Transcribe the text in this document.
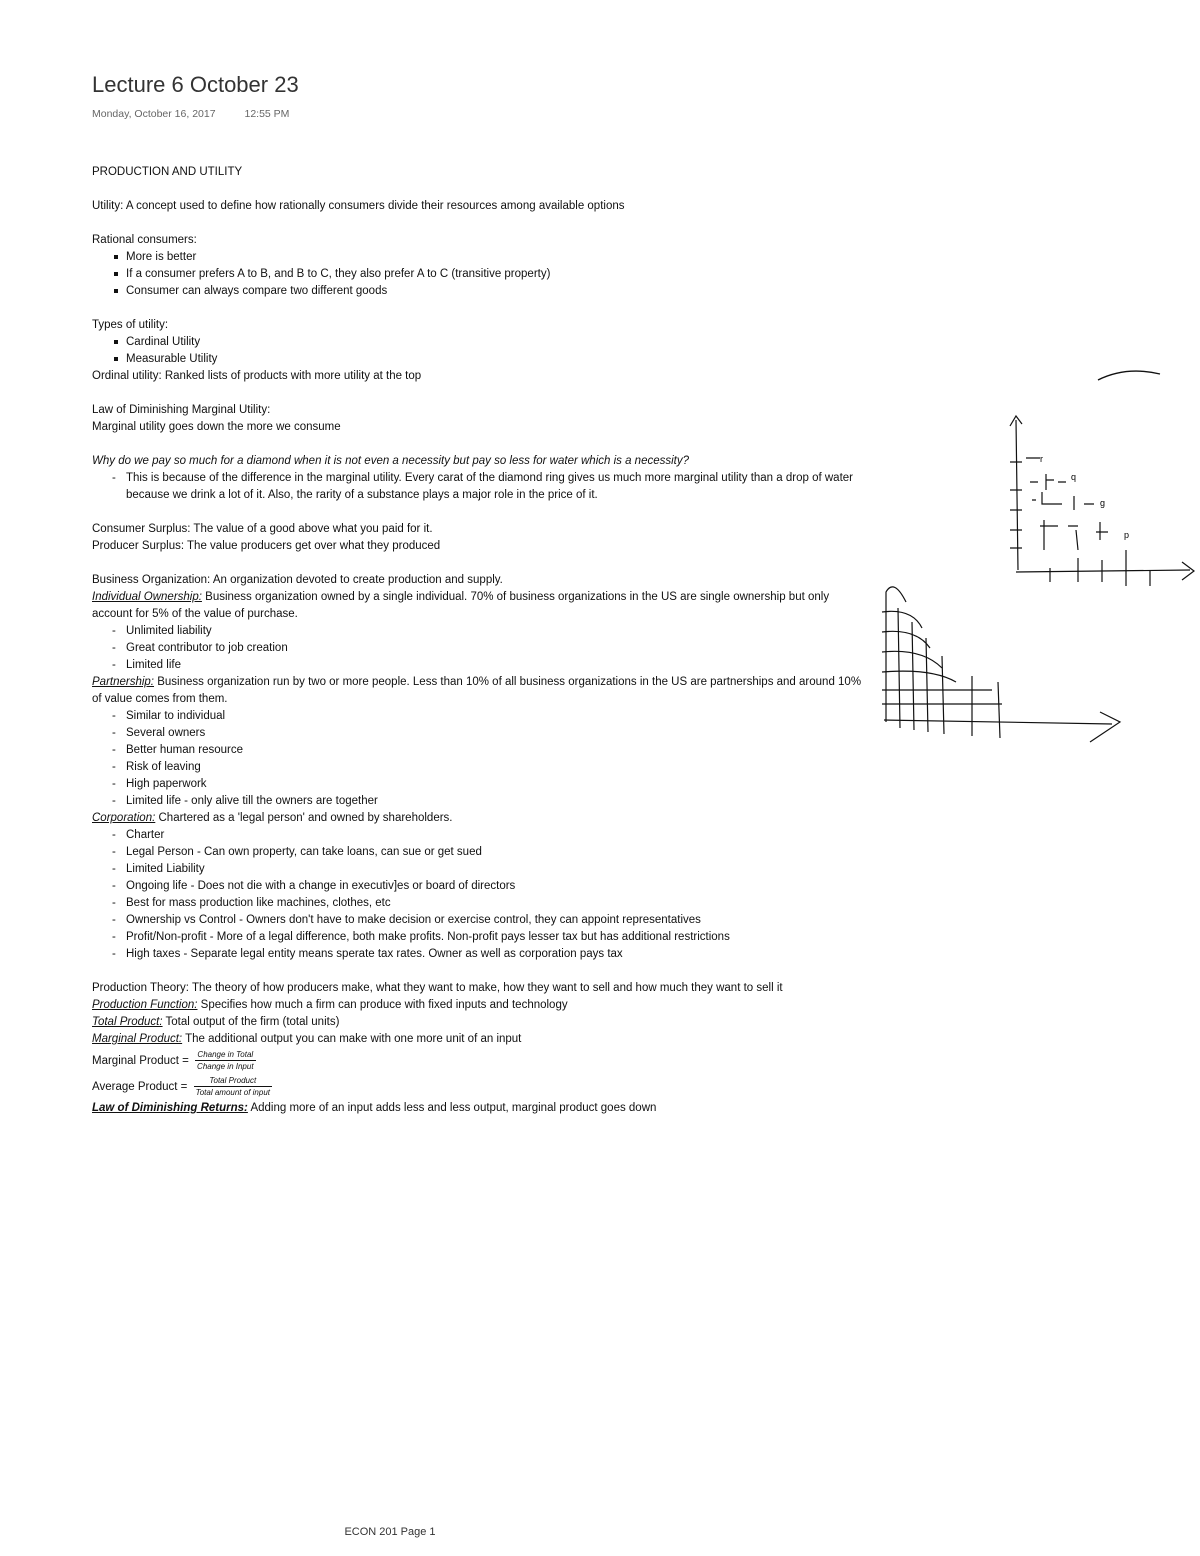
Lecture 6 October 23
Monday, October 16, 2017	12:55 PM

PRODUCTION AND UTILITY

Utility: A concept used to define how rationally consumers divide their resources among available options

Rational consumers:

More is better
If a consumer prefers A to B, and B to C, they also prefer A to C (transitive property)
Consumer can always compare two different goods

Types of utility:

Cardinal Utility
Measurable Utility

Ordinal utility: Ranked lists of products with more utility at the top

Law of Diminishing Marginal Utility:

Marginal utility goes down the more we consume

Why do we pay so much for a diamond when it is not even a necessity but pay so less for water which is a necessity?

- This is because of the difference in the marginal utility. Every carat of the diamond ring gives us much more marginal utility than a drop of water because we drink a lot of it. Also, the rarity of a substance plays a major role in the price of it.

Consumer Surplus: The value of a good above what you paid for it.

Producer Surplus: The value producers get over what they produced

Business Organization: An organization devoted to create production and supply.

Individual Ownership: Business organization owned by a single individual. 70% of business organizations in the US are single ownership but only account for 5% of the value of purchase.

- Unlimited liability
- Great contributor to job creation
- Limited life

Partnership: Business organization run by two or more people. Less than 10% of all business organizations in the US are partnerships and around 10% of value comes from them.

- Similar to individual
- Several owners
- Better human resource
- Risk of leaving
- High paperwork
- Limited life - only alive till the owners are together

Corporation: Chartered as a 'legal person' and owned by shareholders.

- Charter
- Legal Person - Can own property, can take loans, can sue or get sued
- Limited Liability
- Ongoing life - Does not die with a change in executiv]es or board of directors
- Best for mass production like machines, clothes, etc
- Ownership vs Control - Owners don't have to make decision or exercise control, they can appoint representatives
- Profit/Non-profit - More of a legal difference, both make profits. Non-profit pays lesser tax but has additional restrictions
- High taxes - Separate legal entity means sperate tax rates. Owner as well as corporation pays tax

Production Theory: The theory of how producers make, what they want to make, how they want to sell and how much they want to sell it

Production Function: Specifies how much a firm can produce with fixed inputs and technology

Total Product: Total output of the firm (total units)

Marginal Product: The additional output you can make with one more unit of an input

Marginal Product = $\frac{\text{Change in Total}}{\text{Change in Input}}$

Average Product = $\frac{\text{Total Product}}{\text{Total amount of input}}$

Law of Diminishing Returns: Adding more of an input adds less and less output, marginal product goes down

r
q
g
p
ECON 201 Page 1
